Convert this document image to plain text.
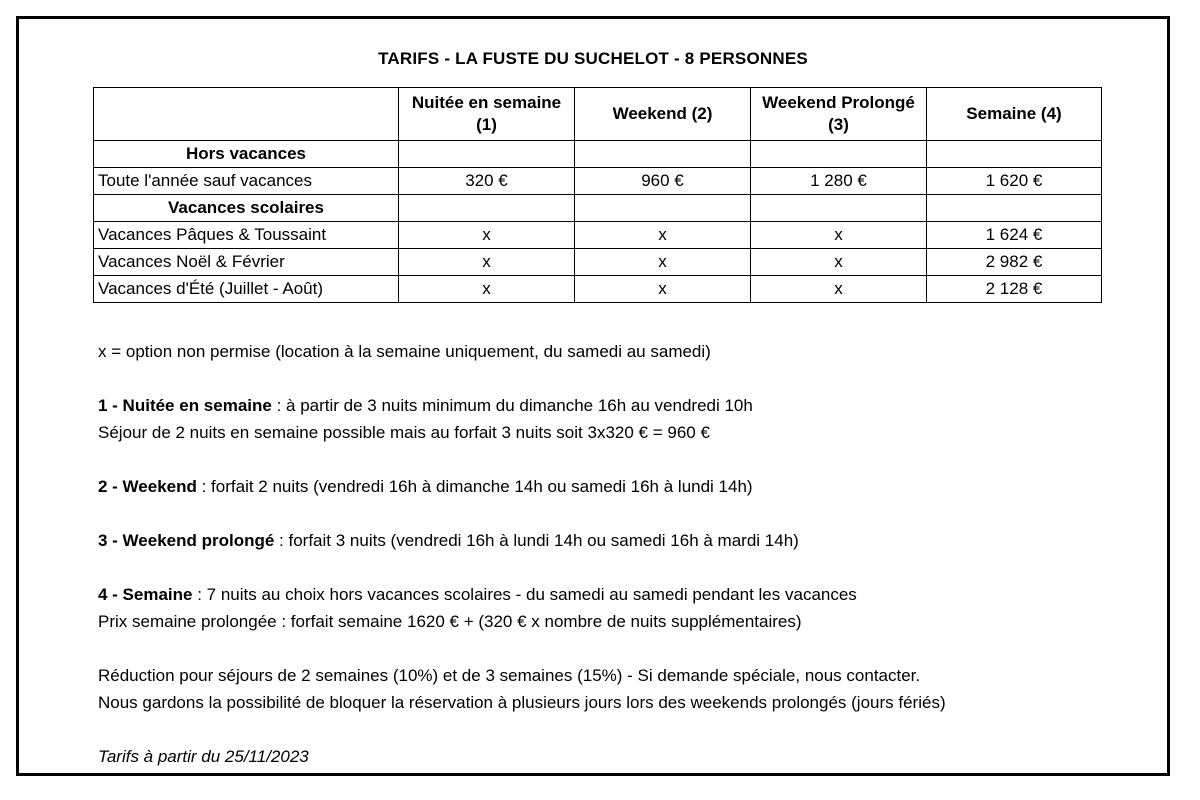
TARIFS - LA FUSTE DU SUCHELOT - 8 PERSONNES
	Nuitée en semaine (1)	Weekend (2)	Weekend Prolongé (3)	Semaine (4)
Hors vacances				
Toute l'année sauf vacances	320 €	960 €	1 280 €	1 620 €
Vacances scolaires				
Vacances Pâques & Toussaint	x	x	x	1 624 €
Vacances Noël & Février	x	x	x	2 982 €
Vacances d'Été (Juillet - Août)	x	x	x	2 128 €

x = option non permise (location à la semaine uniquement, du samedi au samedi)

1 - Nuitée en semaine : à partir de 3 nuits minimum du dimanche 16h au vendredi 10h

Séjour de 2 nuits en semaine possible mais au forfait 3 nuits soit 3x320 € = 960 €

2 - Weekend : forfait 2 nuits (vendredi 16h à dimanche 14h ou samedi 16h à lundi 14h)

3 - Weekend prolongé : forfait 3 nuits (vendredi 16h à lundi 14h ou samedi 16h à mardi 14h)

4 - Semaine : 7 nuits au choix hors vacances scolaires - du samedi au samedi pendant les vacances

Prix semaine prolongée : forfait semaine 1620 € + (320 € x nombre de nuits supplémentaires)

Réduction pour séjours de 2 semaines (10%) et de 3 semaines (15%) - Si demande spéciale, nous contacter.

Nous gardons la possibilité de bloquer la réservation à plusieurs jours lors des weekends prolongés (jours fériés)

Tarifs à partir du 25/11/2023
